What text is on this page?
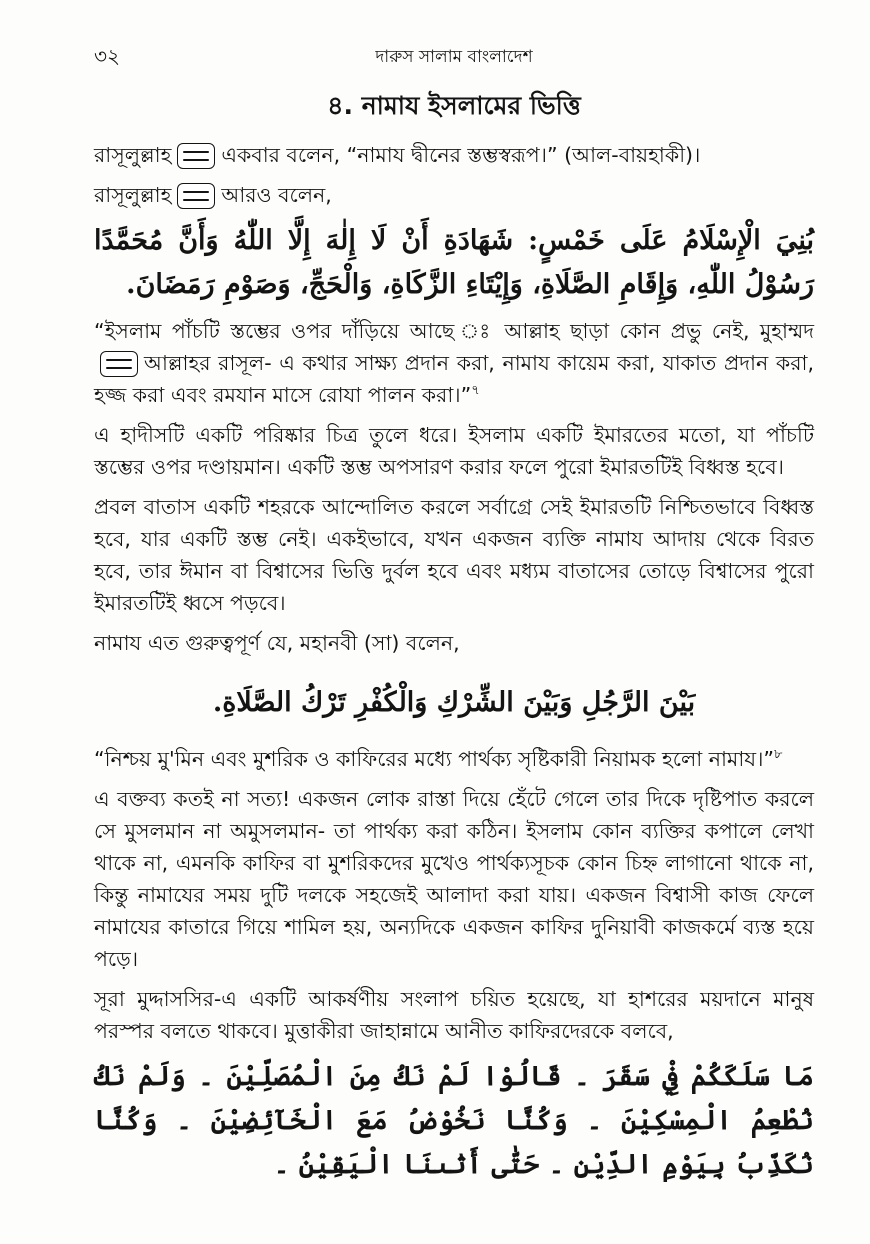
৩২	দারুস সালাম বাংলাদেশ
৪. নামায ইসলামের ভিত্তি

রাসূলুল্লাহ একবার বলেন, “নামায দ্বীনের স্তম্ভস্বরূপ।” (আল-বায়হাকী)।

রাসূলুল্লাহ আরও বলেন,

بُنِيَ الْإِسْلَامُ عَلَى خَمْسٍ: شَهَادَةِ أَنْ لَا إِلٰهَ إِلَّا اللّٰهُ وَأَنَّ مُحَمَّدًا رَسُوْلُ اللّٰهِ، وَإِقَامِ الصَّلَاةِ، وَإِيْتَاءِ الزَّكَاةِ، وَالْحَجِّ، وَصَوْمِ رَمَضَانَ.

“ইসলাম পাঁচটি স্তম্ভের ওপর দাঁড়িয়ে আছে ঃ আল্লাহ ছাড়া কোন প্রভু নেই, মুহাম্মদআল্লাহর রাসূল- এ কথার সাক্ষ্য প্রদান করা, নামায কায়েম করা, যাকাত প্রদান করা, হজ্জ করা এবং রমযান মাসে রোযা পালন করা।”$^৭$

এ হাদীসটি একটি পরিষ্কার চিত্র তুলে ধরে। ইসলাম একটি ইমারতের মতো, যা পাঁচটি স্তম্ভের ওপর দণ্ডায়মান। একটি স্তম্ভ অপসারণ করার ফলে পুরো ইমারতটিই বিধ্বস্ত হবে।

প্রবল বাতাস একটি শহরকে আন্দোলিত করলে সর্বাগ্রে সেই ইমারতটি নিশ্চিতভাবে বিধ্বস্ত হবে, যার একটি স্তম্ভ নেই। একইভাবে, যখন একজন ব্যক্তি নামায আদায় থেকে বিরত হবে, তার ঈমান বা বিশ্বাসের ভিত্তি দুর্বল হবে এবং মধ্যম বাতাসের তোড়ে বিশ্বাসের পুরো ইমারতটিই ধ্বসে পড়বে।

নামায এত গুরুত্বপূর্ণ যে, মহানবী (সা) বলেন,

بَيْنَ الرَّجُلِ وَبَيْنَ الشِّرْكِ وَالْكُفْرِ تَرْكُ الصَّلَاةِ.

“নিশ্চয় মু'মিন এবং মুশরিক ও কাফিরের মধ্যে পার্থক্য সৃষ্টিকারী নিয়ামক হলো নামায।”$^৮$

এ বক্তব্য কতই না সত্য! একজন লোক রাস্তা দিয়ে হেঁটে গেলে তার দিকে দৃষ্টিপাত করলে সে মুসলমান না অমুসলমান- তা পার্থক্য করা কঠিন। ইসলাম কোন ব্যক্তির কপালে লেখা থাকে না, এমনকি কাফির বা মুশরিকদের মুখেও পার্থক্যসূচক কোন চিহ্ন লাগানো থাকে না, কিন্তু নামাযের সময় দুটি দলকে সহজেই আলাদা করা যায়। একজন বিশ্বাসী কাজ ফেলে নামাযের কাতারে গিয়ে শামিল হয়, অন্যদিকে একজন কাফির দুনিয়াবী কাজকর্মে ব্যস্ত হয়ে পড়ে।

সূরা মুদ্দাসসির-এ একটি আকর্ষণীয় সংলাপ চয়িত হয়েছে, যা হাশরের ময়দানে মানুষ পরস্পর বলতে থাকবে। মুত্তাকীরা জাহান্নামে আনীত কাফিরদেরকে বলবে,

مَا سَلَكَكُمْ فِيْ سَقَرَ ۔ قَالُوْا لَمْ نَكُ مِنَ الْمُصَلِّيْنَ ۔ وَلَمْ نَكُ نُطْعِمُ الْمِسْكِيْنَ ۔ وَكُنَّا نَخُوْضُ مَعَ الْخَآئِضِيْنَ ۔ وَكُنَّا نُكَذِّبُ بِيَوْمِ الدِّيْنِ ۔ حَتّٰى أَتٰىنَا الْيَقِيْنُ ۔
